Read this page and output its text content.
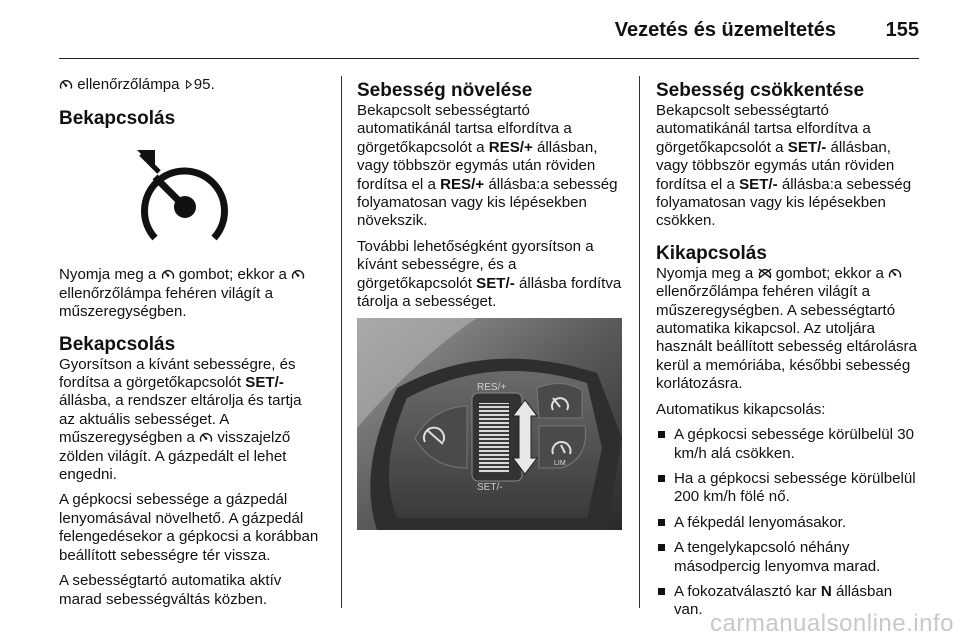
Vezetés és üzemeltetés 155

ellenőrzőlámpa 95.

Bekapcsolás

Nyomja meg a gombot; ekkor a
ellenőrzőlámpa fehéren világít a műszeregységben.

Bekapcsolás

Gyorsítson a kívánt sebességre, és fordítsa a görgetőkapcsolót SET/- állásba, a rendszer eltárolja és tartja az aktuális sebességet. A műszeregységben a visszajelző zölden világít. A gázpedált el lehet engedni.

A gépkocsi sebessége a gázpedál lenyomásával növelhető. A gázpedál felengedésekor a gépkocsi a korábban beállított sebességre tér vissza.

A sebességtartó automatika aktív marad sebességváltás közben.

Sebesség növelése

Bekapcsolt sebességtartó automatikánál tartsa elfordítva a görgetőkapcsolót a RES/+ állásban, vagy többször egymás után röviden fordítsa el a RES/+ állásba:a sebesség folyamatosan vagy kis lépésekben növekszik.

További lehetőségként gyorsítson a kívánt sebességre, és a görgetőkapcsolót SET/- állásba fordítva tárolja a sebességet.

RES/+
SET/-
LIM
Sebesség csökkentése

Bekapcsolt sebességtartó automatikánál tartsa elfordítva a görgetőkapcsolót a SET/- állásban, vagy többször egymás után röviden fordítsa el a SET/- állásba:a sebesség folyamatosan vagy kis lépésekben csökken.

Kikapcsolás

Nyomja meg a gombot; ekkor a
ellenőrzőlámpa fehéren világít a műszeregységben. A sebességtartó automatika kikapcsol. Az utoljára használt beállított sebesség eltárolásra kerül a memóriába, későbbi sebesség korlátozásra.

Automatikus kikapcsolás:

A gépkocsi sebessége körülbelül 30 km/h alá csökken.
Ha a gépkocsi sebessége körülbelül 200 km/h fölé nő.
A fékpedál lenyomásakor.
A tengelykapcsoló néhány másodpercig lenyomva marad.
A fokozatválasztó kar N állásban van.
carmanualsonline.info
